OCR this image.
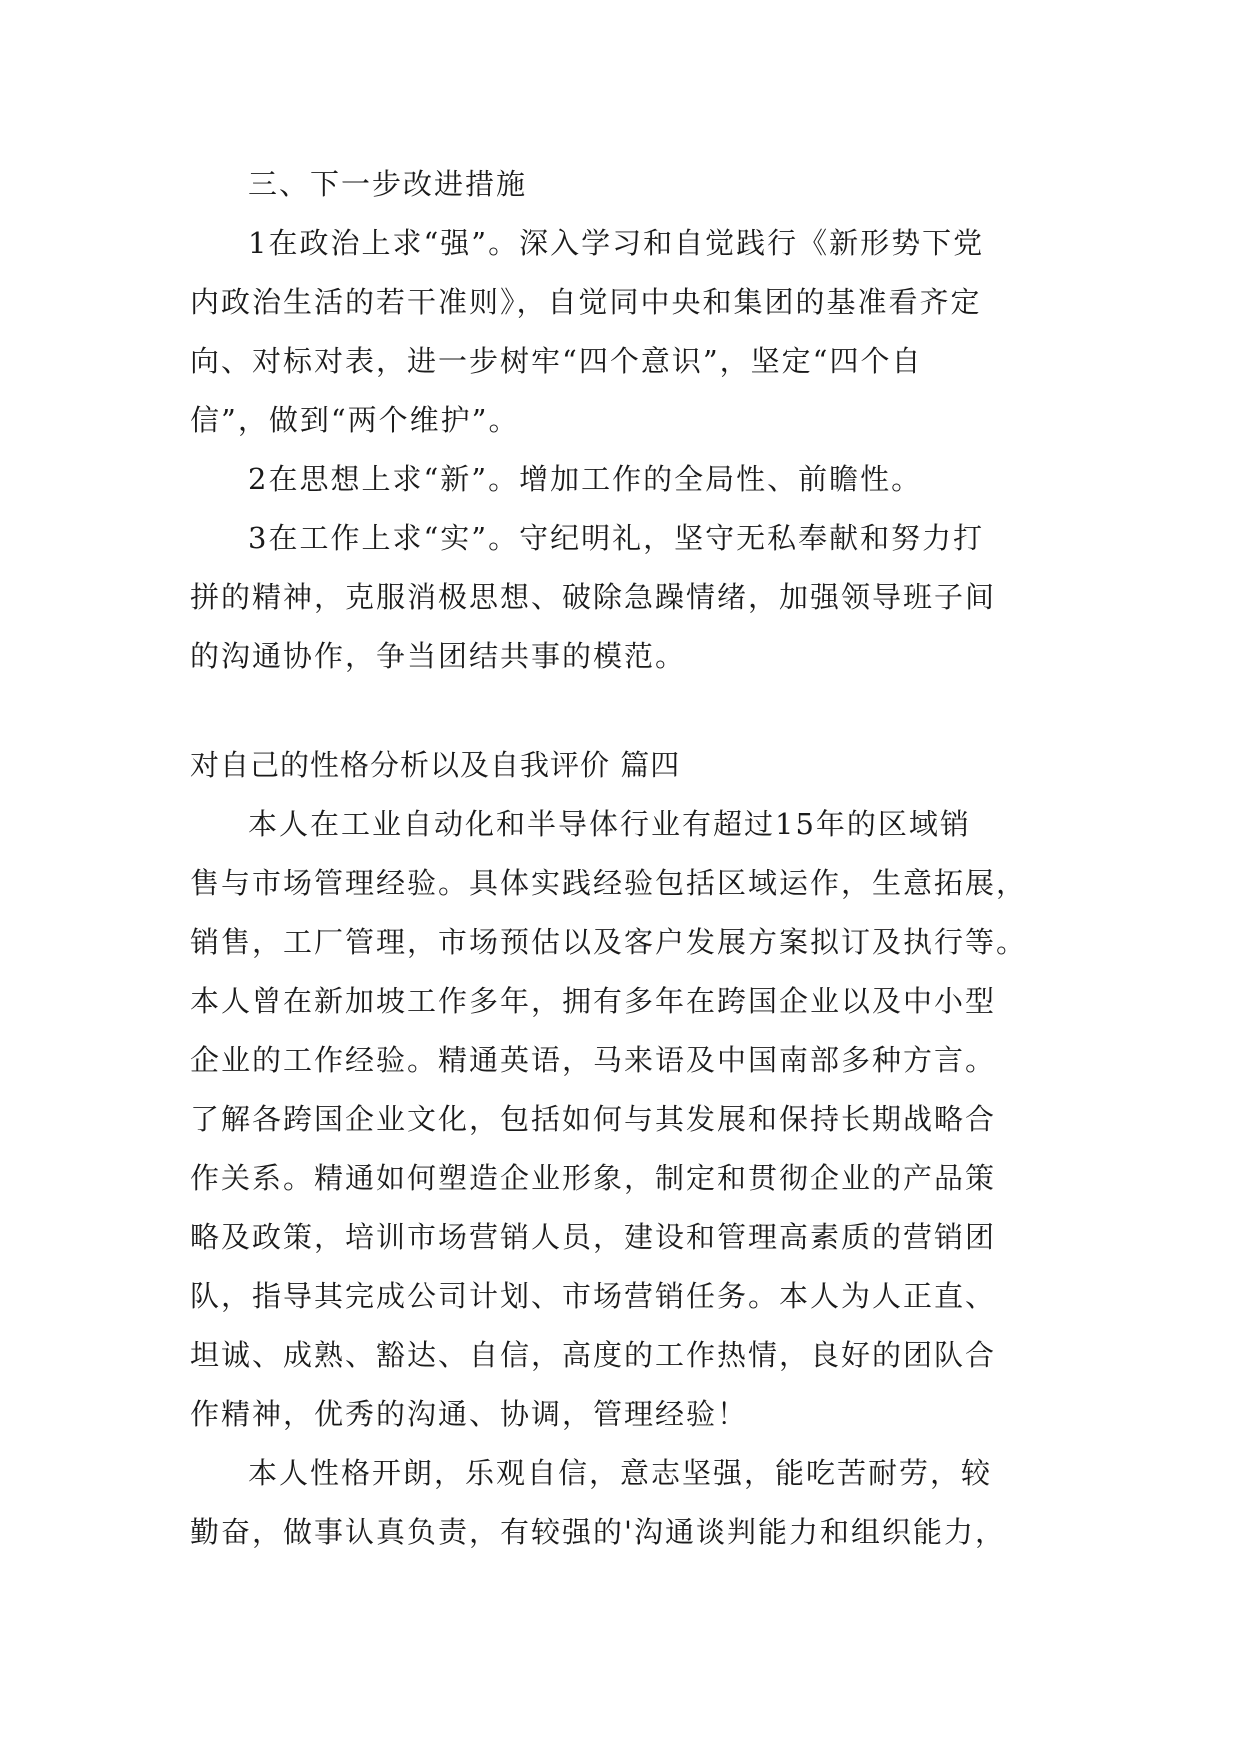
三、下一步改进措施
1在政治上求“强”。深入学习和自觉践行《新形势下党
内政治生活的若干准则》，自觉同中央和集团的基准看齐定
向、对标对表，进一步树牢“四个意识”，坚定“四个自
信”，做到“两个维护”。
2在思想上求“新”。增加工作的全局性、前瞻性。
3在工作上求“实”。守纪明礼，坚守无私奉献和努力打
拼的精神，克服消极思想、破除急躁情绪，加强领导班子间
的沟通协作，争当团结共事的模范。
对自己的性格分析以及自我评价 篇四
本人在工业自动化和半导体行业有超过15年的区域销
售与市场管理经验。具体实践经验包括区域运作，生意拓展，
销售，工厂管理，市场预估以及客户发展方案拟订及执行等。
本人曾在新加坡工作多年，拥有多年在跨国企业以及中小型
企业的工作经验。精通英语，马来语及中国南部多种方言。
了解各跨国企业文化，包括如何与其发展和保持长期战略合
作关系。精通如何塑造企业形象，制定和贯彻企业的产品策
略及政策，培训市场营销人员，建设和管理高素质的营销团
队，指导其完成公司计划、市场营销任务。本人为人正直、
坦诚、成熟、豁达、自信，高度的工作热情，良好的团队合
作精神，优秀的沟通、协调，管理经验！
本人性格开朗，乐观自信，意志坚强，能吃苦耐劳，较
勤奋，做事认真负责，有较强的'沟通谈判能力和组织能力，
